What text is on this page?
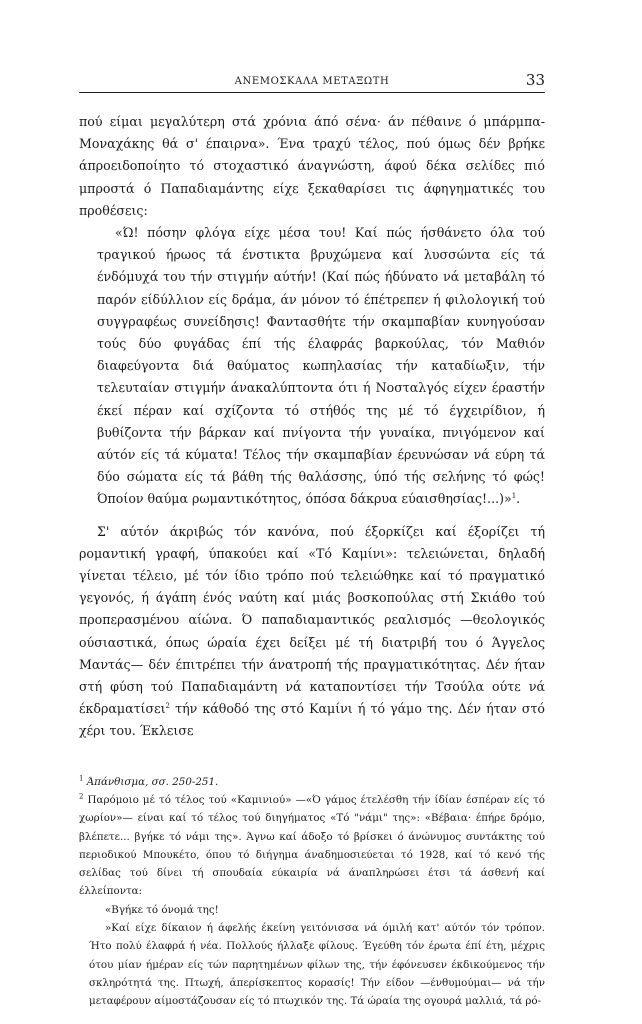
ΑΝΕΜΟΣΚΑΛΑ ΜΕΤΑΞΩΤΗ	33

πού είμαι μεγαλύτερη στά χρόνια άπό σένα· άν πέθαινε ό μπάρμπα-Μοναχάκης θά σ' έπαιρνα». Ένα τραχύ τέλος, πού όμως δέν βρήκε άπροειδοποίητο τό στοχαστικό άναγνώστη, άφού δέκα σελίδες πιό μπροστά ό Παπαδιαμάντης είχε ξεκαθαρίσει τις άφηγηματικές του προθέσεις:

«Ώ! πόσην φλόγα είχε μέσα του! Καί πώς ήσθάνετο όλα τού τραγικού ήρωος τά ένστικτα βρυχώμενα καί λυσσώντα είς τά ένδόμυχά του τήν στιγμήν αύτήν! (Καί πώς ήδύνατο νά μεταβάλη τό παρόν είδύλλιον είς δράμα, άν μόνον τό έπέτρεπεν ή φιλολογική τού συγγραφέως συνείδησις! Φαντασθήτε τήν σκαμπαβίαν κυνηγούσαν τούς δύο φυγάδας έπί τής έλαφράς βαρκούλας, τόν Μαθιόν διαφεύγοντα διά θαύματος κωπηλασίας τήν καταδίωξιν, τήν τελευταίαν στιγμήν άνακαλύπτοντα ότι ή Νοσταλγός είχεν έραστήν έκεί πέραν καί σχίζοντα τό στήθός της μέ τό έγχειρίδιον, ή βυθίζοντα τήν βάρκαν καί πνίγοντα τήν γυναίκα, πνιγόμενον καί αύτόν είς τά κύματα! Τέλος τήν σκαμπαβίαν έρευνώσαν νά εύρη τά δύο σώματα είς τά βάθη τής θαλάσσης, ύπό τής σελήνης τό φώς! Όποίον θαύμα ρωμαντικότητος, όπόσα δάκρυα εύαισθησίας!...)»$^1$.

Σ' αύτόν άκριβώς τόν κανόνα, πού έξορκίζει καί έξορίζει τή ρομαντική γραφή, ύπακούει καί «Τό Καμίνι»: τελειώνεται, δηλαδή γίνεται τέλειο, μέ τόν ίδιο τρόπο πού τελειώθηκε καί τό πραγματικό γεγονός, ή άγάπη ένός ναύτη καί μιάς βοσκοπούλας στή Σκιάθο τού προπερασμένου αίώνα. Ό παπαδιαμαντικός ρεαλισμός —θεολογικός ούσιαστικά, όπως ώραία έχει δείξει μέ τή διατριβή του ό Άγγελος Μαντάς— δέν έπιτρέπει τήν άνατροπή τής πραγματικότητας. Δέν ήταν στή φύση τού Παπαδιαμάντη νά καταποντίσει τήν Τσούλα ούτε νά έκδραματίσει$^2$ τήν κάθοδό της στό Καμίνι ή τό γάμο της. Δέν ήταν στό χέρι του. Έκλεισε

$^1$ Άπάνθισμα, σσ. 250-251.

$^2$ Παρόμοιο μέ τό τέλος τού «Καμινιού» —«Ό γάμος έτελέσθη τήν ίδίαν έσπέραν είς τό χωρίον»— είναι καί τό τέλος τού διηγήματος «Τό "νάμι" της»: «Βέβαια· έπήρε δρόμο, βλέπετε... βγήκε τό νάμι της». Άγνω καί άδοξο τό βρίσκει ό άνώνυμος συντάκτης τού περιοδικού Μπουκέτο, όπου τό διήγημα άναδημοσιεύεται τό 1928, καί τό κενό τής σελίδας τού δίνει τή σπουδαία εύκαιρία νά άναπληρώσει έτσι τά άσθενή καί έλλείποντα:

«Βγήκε τό όνομά της!

»Καί είχε δίκαιον ή άφελής έκείνη γειτόνισσα νά όμιλή κατ' αύτόν τόν τρόπον. Ήτο πολύ έλαφρά ή νέα. Πολλούς ήλλαξε φίλους. Έγεύθη τόν έρωτα έπί έτη, μέχρις ότου μίαν ήμέραν είς τών παρητημένων φίλων της, τήν έφόνευσεν έκδικούμενος τήν σκληρότητά της. Πτωχή, άπερίσκεπτος κορασίς! Τήν είδον —ένθυμούμαι— νά τήν μεταφέρουν αίμοστάζουσαν είς τό πτωχικόν της. Τά ώραία της ογουρά μαλλιά, τά ρό-
